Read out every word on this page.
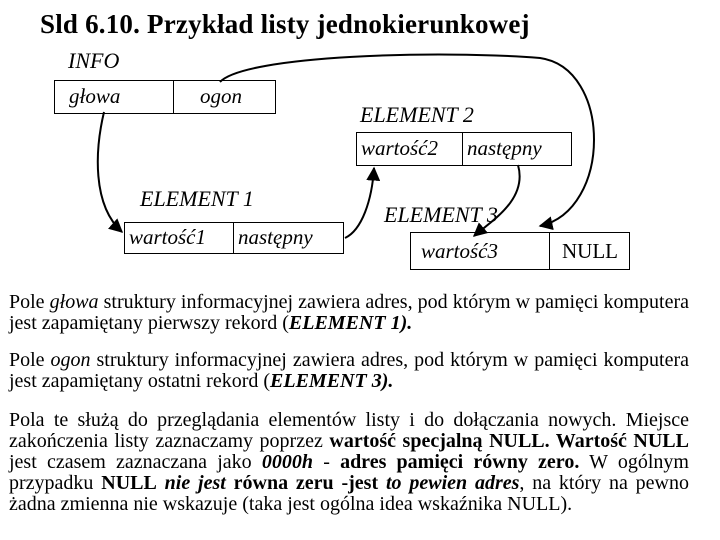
Sld 6.10. Przykład listy jednokierunkowej
INFO
głowa	ogon
ELEMENT 1
wartość1	następny
ELEMENT 2
wartość2	następny
ELEMENT 3
wartość3	NULL

Pole głowa struktury informacyjnej zawiera adres, pod którym w pamięci komputera jest zapamiętany pierwszy rekord (ELEMENT 1).

Pole ogon struktury informacyjnej zawiera adres, pod którym w pamięci komputera jest zapamiętany ostatni rekord (ELEMENT 3).

Pola te służą do przeglądania elementów listy i do dołączania nowych. Miejsce zakończenia listy zaznaczamy poprzez wartość specjalną NULL. Wartość NULL jest czasem zaznaczana jako 0000h - adres pamięci równy zero. W ogólnym przypadku NULL nie jest równa zeru -jest to pewien adres, na który na pewno żadna zmienna nie wskazuje (taka jest ogólna idea wskaźnika NULL).
